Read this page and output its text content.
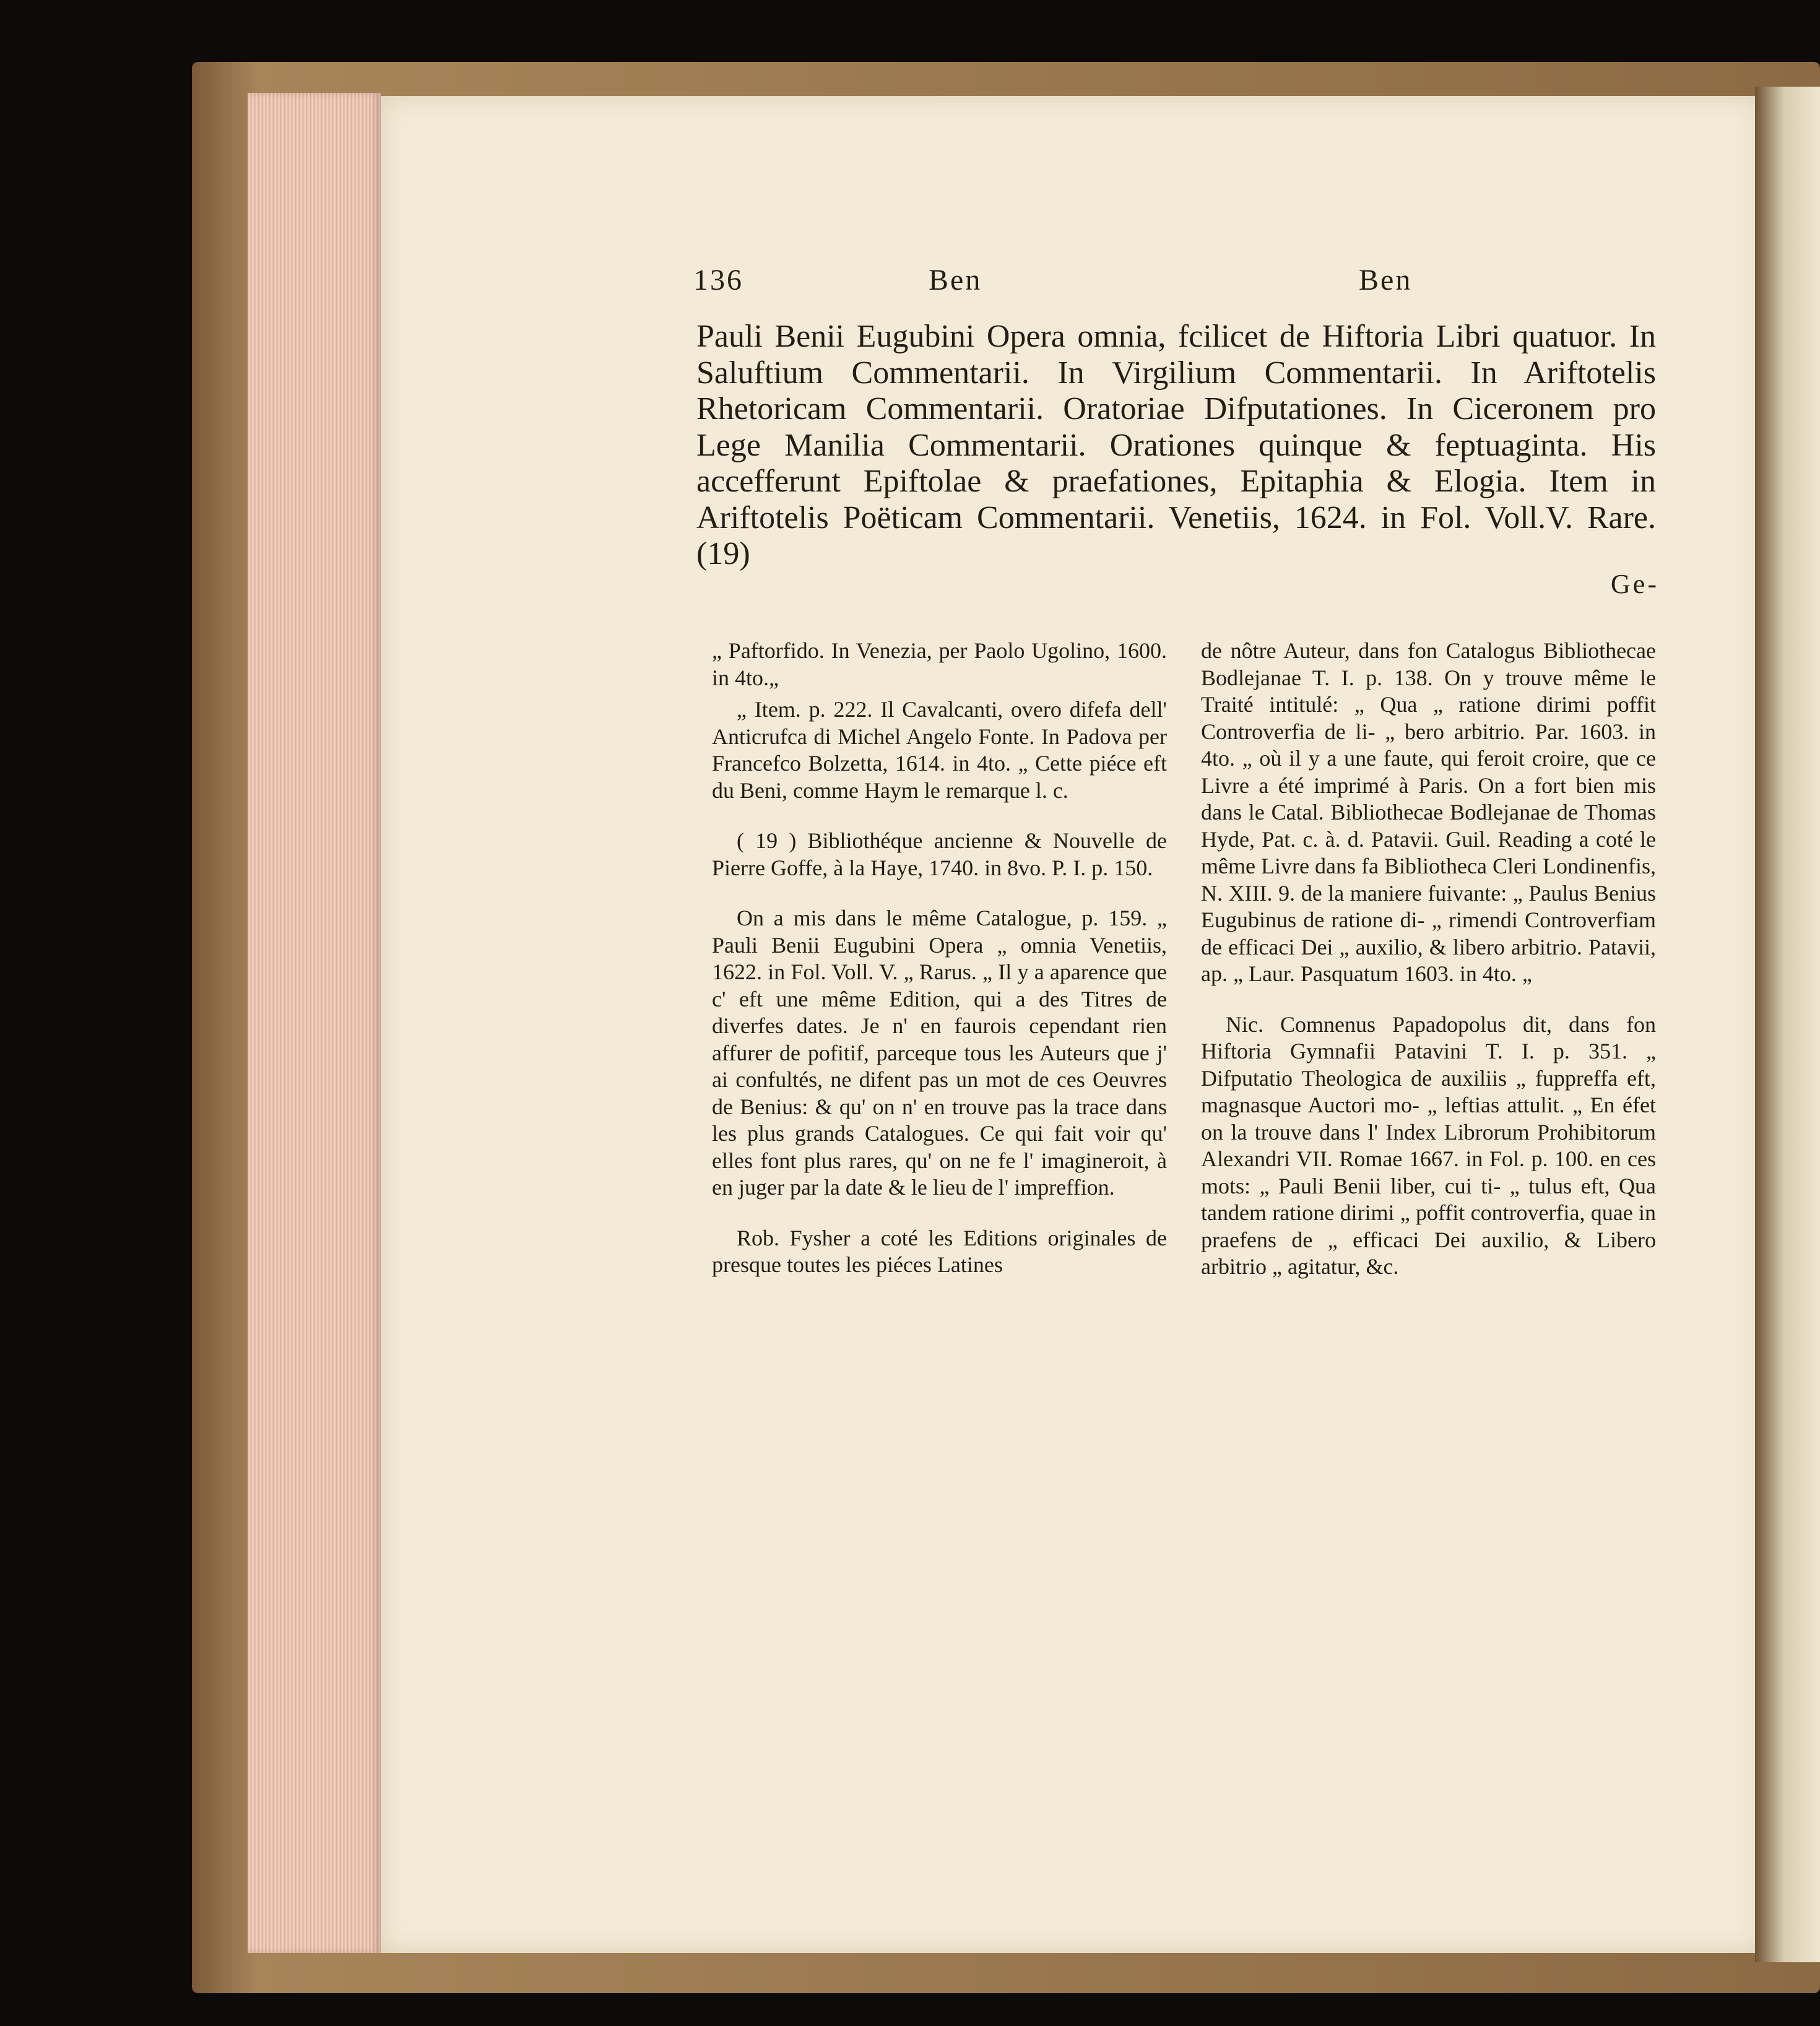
136	Ben	Ben

Pauli Benii Eugubini Opera omnia, fcilicet de Hiftoria Libri quatuor. In Saluftium Commentarii. In Virgilium Commentarii. In Ariftotelis Rhetoricam Commentarii. Oratoriae Difputationes. In Ciceronem pro Lege Manilia Commentarii. Orationes quinque & feptuaginta. His accefferunt Epiftolae & praefationes, Epitaphia & Elogia. Item in Ariftotelis Poëticam Commentarii. Venetiis, 1624. in Fol. Voll.V. Rare. (19)

Ge-

„ Paftorfido. In Venezia, per Paolo Ugolino, 1600. in 4to.„

„ Item. p. 222. Il Cavalcanti, overo difefa dell' Anticrufca di Michel Angelo Fonte. In Padova per Francefco Bolzetta, 1614. in 4to. „ Cette piéce eft du Beni, comme Haym le remarque l. c.

( 19 ) Bibliothéque ancienne & Nouvelle de Pierre Goffe, à la Haye, 1740. in 8vo. P. I. p. 150.

On a mis dans le même Catalogue, p. 159. „ Pauli Benii Eugubini Opera „ omnia Venetiis, 1622. in Fol. Voll. V. „ Rarus. „ Il y a aparence que c' eft une même Edition, qui a des Titres de diverfes dates. Je n' en faurois cependant rien affurer de pofitif, parceque tous les Auteurs que j' ai confultés, ne difent pas un mot de ces Oeuvres de Benius: & qu' on n' en trouve pas la trace dans les plus grands Catalogues. Ce qui fait voir qu' elles font plus rares, qu' on ne fe l' imagineroit, à en juger par la date & le lieu de l' impreffion.

Rob. Fysher a coté les Editions originales de presque toutes les piéces Latines

de nôtre Auteur, dans fon Catalogus Bibliothecae Bodlejanae T. I. p. 138. On y trouve même le Traité intitulé: „ Qua „ ratione dirimi poffit Controverfia de li- „ bero arbitrio. Par. 1603. in 4to. „ où il y a une faute, qui feroit croire, que ce Livre a été imprimé à Paris. On a fort bien mis dans le Catal. Bibliothecae Bodlejanae de Thomas Hyde, Pat. c. à. d. Patavii. Guil. Reading a coté le même Livre dans fa Bibliotheca Cleri Londinenfis, N. XIII. 9. de la maniere fuivante: „ Paulus Benius Eugubinus de ratione di- „ rimendi Controverfiam de efficaci Dei „ auxilio, & libero arbitrio. Patavii, ap. „ Laur. Pasquatum 1603. in 4to. „

Nic. Comnenus Papadopolus dit, dans fon Hiftoria Gymnafii Patavini T. I. p. 351. „ Difputatio Theologica de auxiliis „ fuppreffa eft, magnasque Auctori mo- „ leftias attulit. „ En éfet on la trouve dans l' Index Librorum Prohibitorum Alexandri VII. Romae 1667. in Fol. p. 100. en ces mots: „ Pauli Benii liber, cui ti- „ tulus eft, Qua tandem ratione dirimi „ poffit controverfia, quae in praefens de „ efficaci Dei auxilio, & Libero arbitrio „ agitatur, &c.
